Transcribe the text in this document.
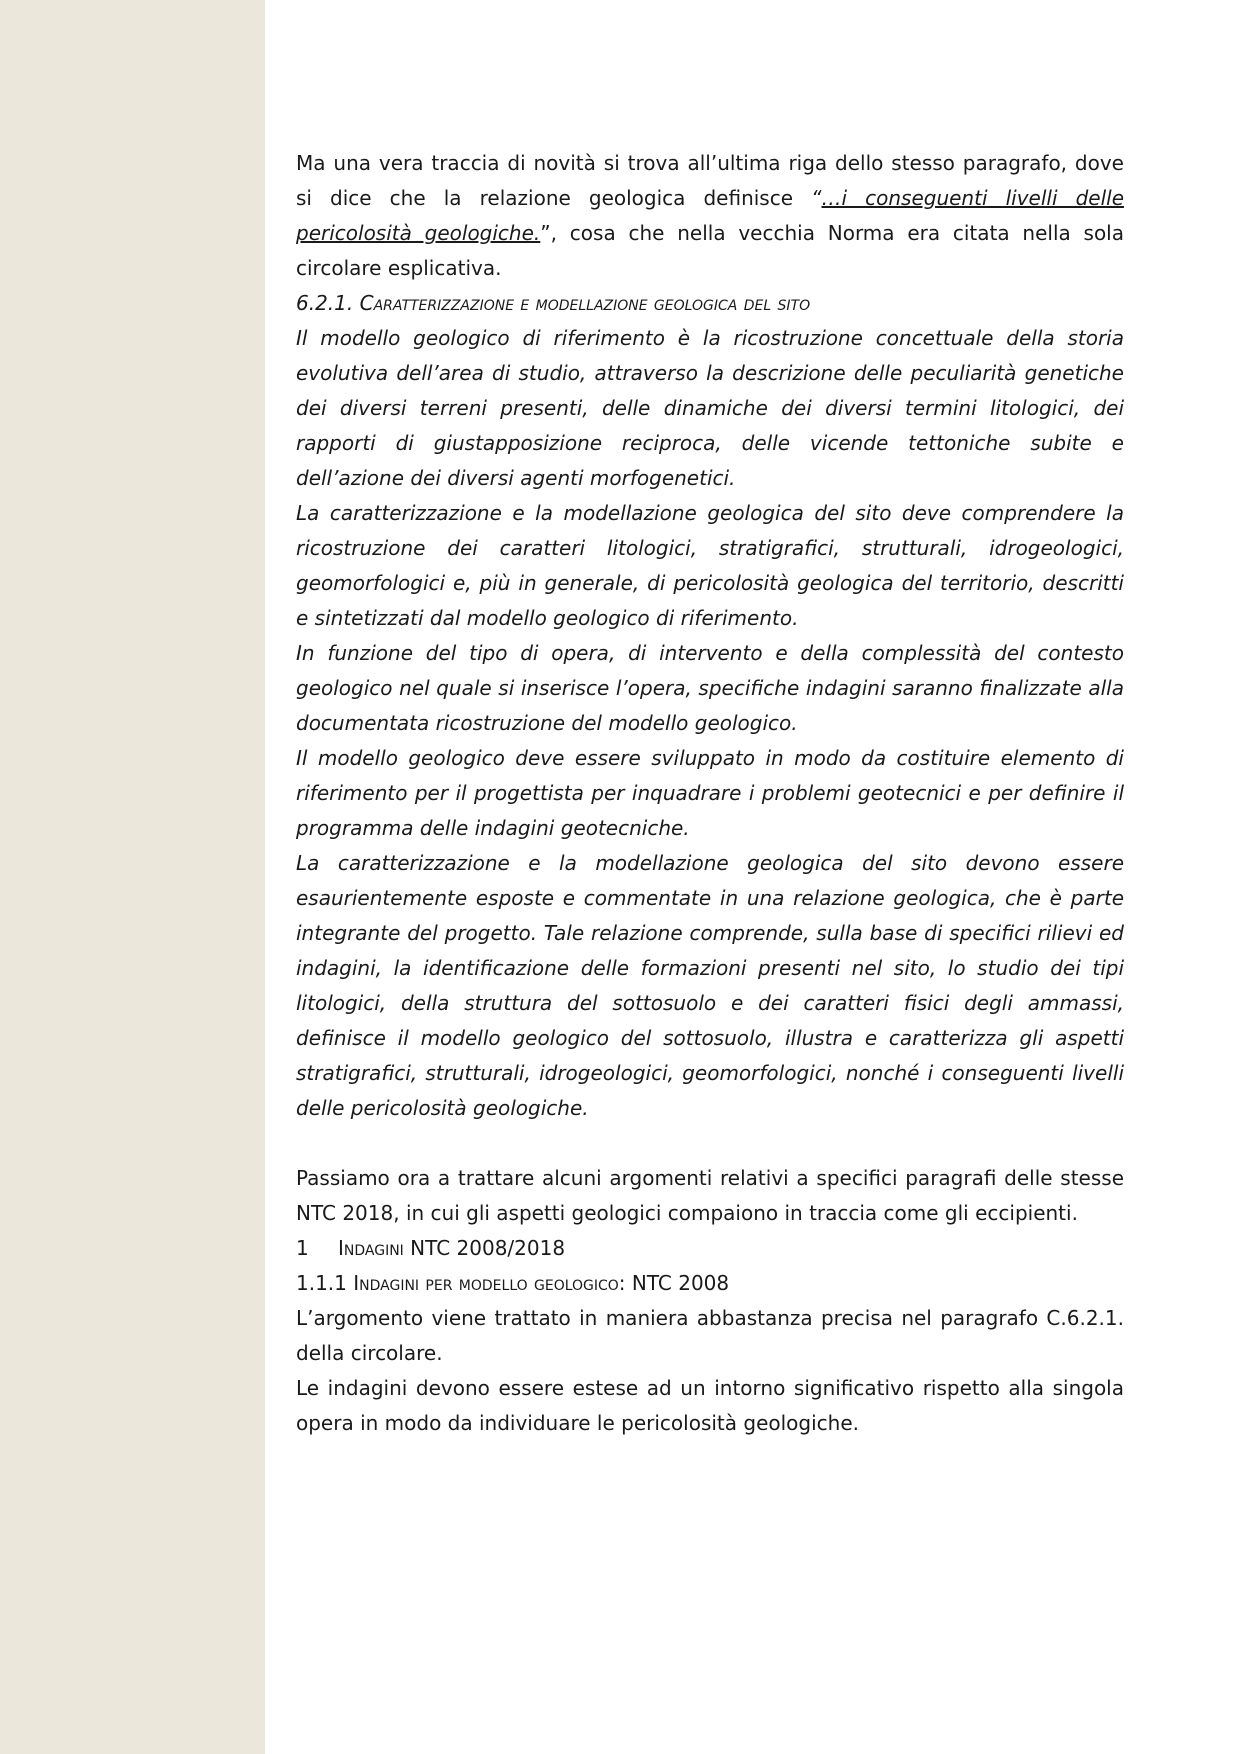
Ma una vera traccia di novità si trova all’ultima riga dello stesso paragrafo, dove si dice che la relazione geologica definisce “…i conseguenti livelli delle pericolosità geologiche.”, cosa che nella vecchia Norma era citata nella sola circolare esplicativa.

6.2.1. Caratterizzazione e modellazione geologica del sito

Il modello geologico di riferimento è la ricostruzione concettuale della storia evolutiva dell’area di studio, attraverso la descrizione delle peculiarità genetiche dei diversi terreni presenti, delle dinamiche dei diversi termini litologici, dei rapporti di giustapposizione reciproca, delle vicende tettoniche subite e dell’azione dei diversi agenti morfogenetici.

La caratterizzazione e la modellazione geologica del sito deve comprendere la ricostruzione dei caratteri litologici, stratigrafici, strutturali, idrogeologici, geomorfologici e, più in generale, di pericolosità geologica del territorio, descritti e sintetizzati dal modello geologico di riferimento.

In funzione del tipo di opera, di intervento e della complessità del contesto geologico nel quale si inserisce l’opera, specifiche indagini saranno finalizzate alla documentata ricostruzione del modello geologico.

Il modello geologico deve essere sviluppato in modo da costituire elemento di riferimento per il progettista per inquadrare i problemi geotecnici e per definire il programma delle indagini geotecniche.

La caratterizzazione e la modellazione geologica del sito devono essere esaurientemente esposte e commentate in una relazione geologica, che è parte integrante del progetto. Tale relazione comprende, sulla base di specifici rilievi ed indagini, la identificazione delle formazioni presenti nel sito, lo studio dei tipi litologici, della struttura del sottosuolo e dei caratteri fisici degli ammassi, definisce il modello geologico del sottosuolo, illustra e caratterizza gli aspetti stratigrafici, strutturali, idrogeologici, geomorfologici, nonché i conseguenti livelli delle pericolosità geologiche.

Passiamo ora a trattare alcuni argomenti relativi a specifici paragrafi delle stesse NTC 2018, in cui gli aspetti geologici compaiono in traccia come gli eccipienti.

1 Indagini NTC 2008/2018
1.1.1 Indagini per modello geologico: NTC 2008

L’argomento viene trattato in maniera abbastanza precisa nel paragrafo C.6.2.1. della circolare.

Le indagini devono essere estese ad un intorno significativo rispetto alla singola opera in modo da individuare le pericolosità geologiche.
